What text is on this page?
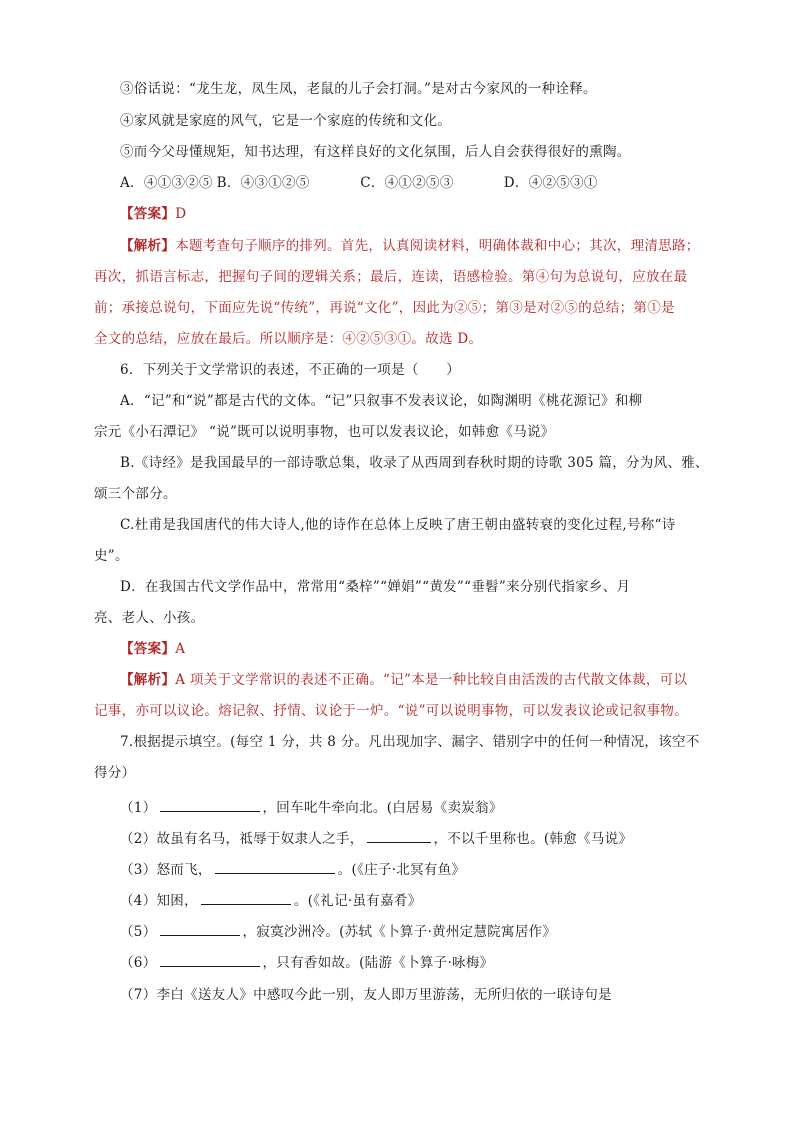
③俗话说：“龙生龙，凤生凤，老鼠的儿子会打洞。”是对古今家风的一种诠释。
④家风就是家庭的风气，它是一个家庭的传统和文化。
⑤而今父母懂规矩，知书达理，有这样良好的文化氛围，后人自会获得很好的熏陶。
A．④①③②⑤ B．④③①②⑤	C．④①②⑤③	D．④②⑤③①
【答案】D
【解析】本题考查句子顺序的排列。首先，认真阅读材料，明确体裁和中心；其次，理清思路；
再次，抓语言标志，把握句子间的逻辑关系；最后，连读，语感检验。第④句为总说句，应放在最
前；承接总说句，下面应先说“传统”，再说“文化”，因此为②⑤；第③是对②⑤的总结；第①是
全文的总结，应放在最后。所以顺序是：④②⑤③①。故选 D。
6．下列关于文学常识的表述，不正确的一项是（　　）
A．“记”和“说”都是古代的文体。“记”只叙事不发表议论，如陶渊明《桃花源记》和柳
宗元《小石潭记》 “说”既可以说明事物，也可以发表议论，如韩愈《马说》
B.《诗经》是我国最早的一部诗歌总集，收录了从西周到春秋时期的诗歌 305 篇，分为风、雅、
颂三个部分。
C.杜甫是我国唐代的伟大诗人,他的诗作在总体上反映了唐王朝由盛转衰的变化过程,号称“诗
史”。
D．在我国古代文学作品中，常常用“桑梓”“婵娟”“黄发”“垂髫”来分别代指家乡、月
亮、老人、小孩。
【答案】A
【解析】A 项关于文学常识的表述不正确。“记”本是一种比较自由活泼的古代散文体裁，可以
记事，亦可以议论。熔记叙、抒情、议论于一炉。“说”可以说明事物，可以发表议论或记叙事物。
7.根据提示填空。(每空 1 分，共 8 分。凡出现加字、漏字、错别字中的任何一种情况，该空不
得分）
（1）	，回车叱牛牵向北。(白居易《卖炭翁》
（2）故虽有名马，祗辱于奴隶人之手，	，不以千里称也。(韩愈《马说》
（3）怒而飞，	。(《庄子·北冥有鱼》
（4）知困，	。(《礼记·虽有嘉肴》
（5）	，寂寞沙洲冷。(苏轼《卜算子·黄州定慧院寓居作》
（6）	，只有香如故。(陆游《卜算子·咏梅》
（7）李白《送友人》中感叹今此一别，友人即万里游荡，无所归依的一联诗句是
